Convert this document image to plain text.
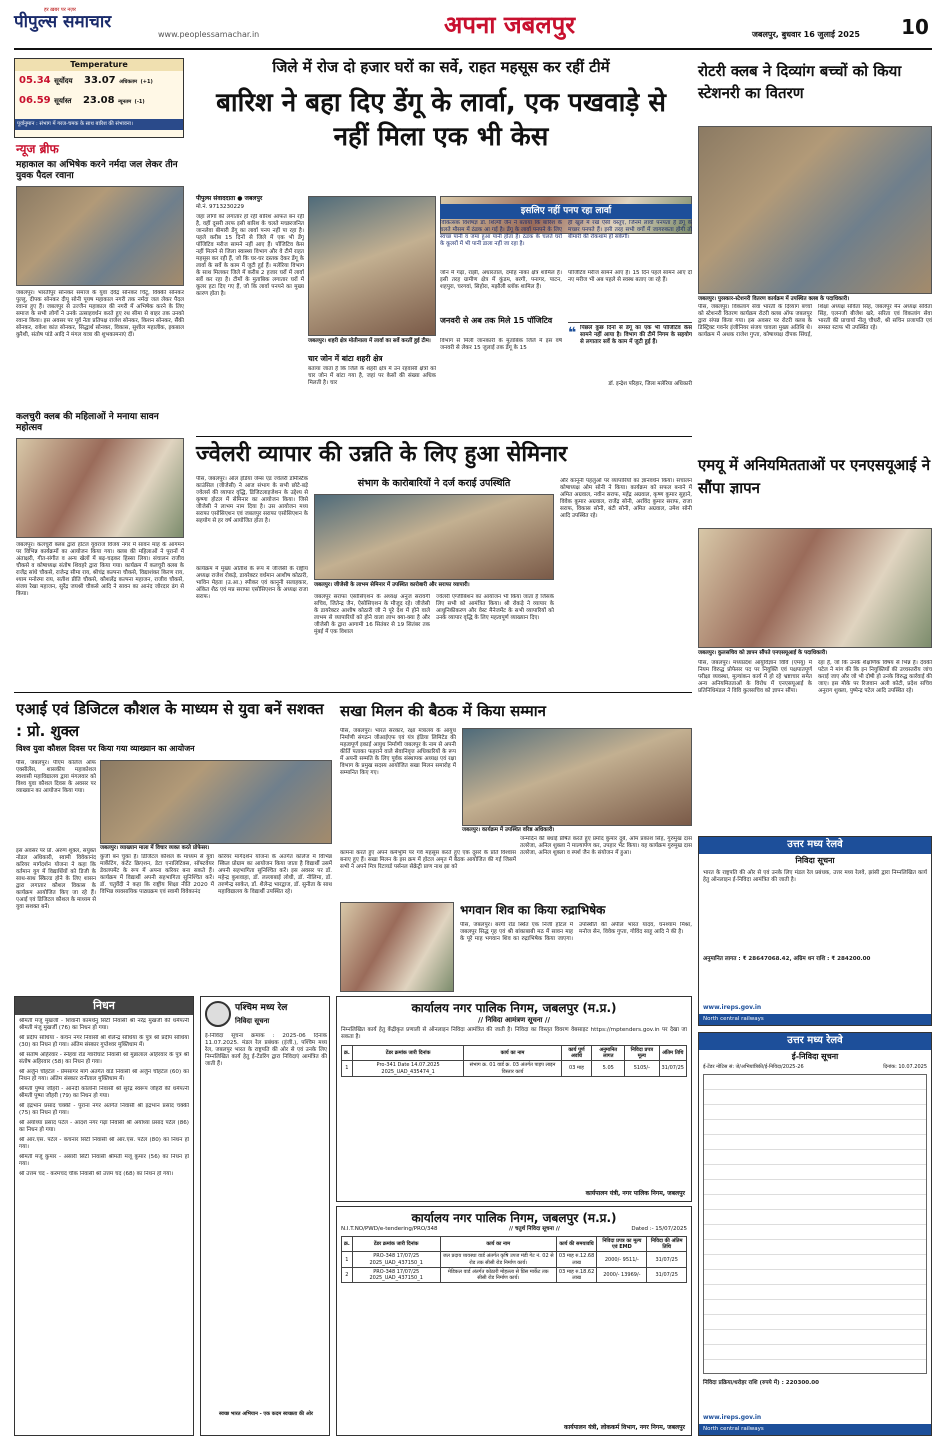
पीपुल्स समाचार
हर ख़बर पर नज़र
www.peoplessamachar.in	अपना जबलपुर	जबलपुर, बुधवार 16 जुलाई 2025 10
Temperature
05.34 सूर्योदय 33.07 अधिकतम (+1)
06.59 सूर्यास्त 23.08 न्यूनतम (-1)
पूर्वानुमान : संभाग में गरज-चमक के साथ बारिश की संभावना।
न्यूज ब्रीफ
महाकाल का अभिषेक करने नर्मदा जल लेकर तीन युवक पैदल रवाना
जबलपुर। भारतीपुर सोनकर समाज के युवा देवेंद्र सोनकर चिंटू, विक्की सोनकर पुल्लू, दीपक सोनकर दीपू सोनी पूयष महाकाल नगरी तक नर्मदा जल लेकर पैदल रवाना हुए हैं। जबलपुर से उज्जैन महाकाल की नगरी में अभिषेक करने के लिए समाज के सभी लोगों ने उनके उत्साहवर्धन करते हुए रथ सीमा से बाहर तक उनको रवाना किया। इस अवसर पर पूर्व नेता प्रतिपक्ष राजेश सोनकर, किशन सोनकर, सैंकी सोनकर, राकेश कांत सोनकर, सिद्धार्थ सोनकर, विकास, सुशील महालीक, इकबाल कुरैशी, संतोष पांडे आदि ने मंगल यात्रा की शुभकामनाएं दीं।
कलचुरी क्लब की महिलाओं ने मनाया सावन महोत्सव
जबलपुर। कलचुरी क्लब द्वारा होटल यूवराज विजय नगर में सावन माह के आगमन पर विभिन्न कार्यक्रमों का आयोजन किया गया। क्लब की महिलाओं ने पूरानों में अंताक्षरी, गीत-संगीत व अन्य खेलों में बढ़-चढ़कर हिस्सा लिया। संचालन राजीव चौकसे व कोषाध्यक्ष संतोष शिवहरे द्वारा किया गया। कार्यक्रम में कलचुरी क्लब के राजेंद्र सांधे चौकसे, राजेन्द्र सीमा राय, श्रीचंद्र कल्पना चौकसे, विद्याशंकर किरण राय, श्याम मनोरमा राय, सतीश प्रीति चौकसे, कौशलेंद्र कल्पना महाजन, राजीव चौकसे, संजय रेखा महाजन, सुरेंद्र जयश्री चौकसे आदि ने सावन का आनंद जोरदार ढंग से किया।
जिले में रोज दो हजार घरों का सर्वे, राहत महसूस कर रहीं टीमें
बारिश ने बहा दिए डेंगू के लार्वा, एक पखवाड़े से नहीं मिला एक भी केस
पीपुल्स संवाददाता ● जबलपुर
मो.नं. 9713230229
जहां लोगों को लगातार हो रही बारिश आफत बन रही है, वहीं दूसरी तरफ इसी बारिश के चलते मच्छरजनित जानलेवा बीमारी डेंगू का लार्वा पनप नहीं पा रहा है। पहले करीब 15 दिनों से जिले में एक भी डेंगू पॉजिटिव मरीज सामने नहीं आए हैं। पॉजिटिव केस नहीं मिलने से जिला स्वास्थ्य विभाग और वे टीमें राहत महसूस कर रही हैं, जो कि घर-घर दस्तक देकर डेंगू के लार्वा के सर्वे के काम में जुटी हुई हैं। मलेरिया विभाग के साथ मिलकर जिले में करीब 2 हजार घरों में लार्वा सर्वे कर रहा है। टीमों के मुताबिक लगातार घरों में कूलर हटा दिए गए हैं, जो कि लार्वा पनपने का मुख्य कारण होता है।
जबलपुर। शहरी क्षेत्र मोतीनाला में लार्वा का सर्वे करतीं हुई टीम।
चार जोन में बांटा शहरी क्षेत्र
बताया जाता है कि जिले के शहरी क्षेत्र में उन रहवासी क्षेत्रों को चार जोन में बांटा गया है, जहां पर केसों की संख्या अधिक मिलती है। चार
इसलिए नहीं पनप रहा लार्वा
विकित्सक विशेषज्ञ डॉ. शिल्पी जैन ने बताया कि बारिश के चलते मौसम में ठंडक आ गई है। डेंगू के लार्वा पनपने के लिए स्वच्छ पानी व जमा हुआ पानी होता है। ठंडक के चलते घरों के कूलरों में भी पानी डाला नहीं जा रहा है।
ही खुले में रखे ऐसी वस्तुएं, जिनमें लार्वा पनपता है डेंगू के मच्छर पनपते हैं। इसी तरह सभी वर्गों में जागरुकता होगी तो बीमारी की रोकथाम हो सकेगी।
जोन में गढ़ा, रांझी, अधारताल, दमोह नाका क्षेत्र शामिल है। इसी तरह ग्रामीण क्षेत्र में कुंडम, बरगी, पनागर, पाटन, शहपुरा, चरगवां, सिहोरा, मझौली ब्लॉक शामिल हैं।
जनवरी से अब तक मिले 15 पॉजिटिव
विभाग से मिली जानकारी के मुताबिक जिले में इस वर्ष जनवरी से लेकर 15 जुलाई तक डेंगू के 15
पॉजिटिव मरीज सामने आए हैं। 15 दिन पहले सामने आए दो नए मरीज भी अब पहले से स्वस्थ बताए जा रहे हैं।
❝ पिछले कुछ दिनों से डेंगू का एक भी पॉजिटिव केस सामने नहीं आया है। विभाग की टीमें निगम के सहयोग से लगातार सर्वे के काम में जुटी हुई हैं।
डॉ. इन्द्रेश परिहार, जिला मलेरिया अधिकारी
रोटरी क्लब ने दिव्यांग बच्चों को किया स्टेशनरी का वितरण
जबलपुर। पुरस्कार-स्टेशनरी वितरण कार्यक्रम में उपस्थित क्लब के पदाधिकारी।
पीसं, जबलपुर। विकलांग सेवा भारती के दिव्यांग बच्चों को स्टेशनरी वितरण कार्यक्रम रोटरी क्लब ऑफ जबलपुर द्वारा संपन्न किया गया। इस अवसर पर रोटरी क्लब के डिस्ट्रिक्ट गवर्नर इंजीनियर संजय चावला मुख्य अतिथि थे। कार्यक्रम में अथक राजेश गुप्ता, कोषाध्यक्ष दीपक सिंघई, शिक्षा अध्यक्ष सविता सिंह, जबलपुर मेन अध्यक्ष सविता सिंह, एलनजी बीजेश खरे, सरिता एवं विकलांग सेवा भारती की प्राचार्या नीलू चौधरी, श्री सचिन प्रजापति एवं समस्त स्टाफ भी उपस्थित रहे।
ज्वेलरी व्यापार की उन्नति के लिए हुआ सेमिनार
पीसं, जबलपुर। ऑल इंडिया जेम्स एंड ज्वेलरी डोमेस्टिक काउंसिल (जीजेसी) ने आज संभाग के सभी छोटे-बड़े ज्वेलर्स की व्यापार वृद्धि, डिजिटलाइजेशन के उद्देश्य से कृष्णा होटल में सेमिनार का आयोजन किया। जिसे जीजेसी ने लाभम नाम दिया है। उस आयोजन मध्य सराफा एसोसिएशन एवं जबलपुर सराफा एसोसिएशन के सहयोग से हर वर्ष आयोजित होता है।
कार्यक्रम में मुख्य अतिथि के रूप में जीजेसी के राष्ट्रीय अध्यक्ष राजेश रोकड़े, डायरेक्टर वर्धमान आशीष कोठारी, भाविन मेहता (उ.आ.) स्पीकर एवं कानूनी सलाहकार, अंकित शैठ एवं मप्र सराफा एसोसिएशन के अध्यक्ष राजा सराफ।
संभाग के कारोबारियों ने दर्ज कराई उपस्थिति
जबलपुर। जीजेसी के लाभम सेमिनार में उपस्थित कारोबारी और सराफा व्यापारी।
जबलपुर सराफा एसोसिएशन के अध्यक्ष अनुज सरावगी सचिव, जितेन्द्र जैन, ऐसोसिएशन के मौजूद रहे। जीजेसी के डायरेक्टर आशीष कोठारी जी ने पूरे देश में होने वाले लाभम से व्यापारियों को होने वाला लाभ क्या-क्या है और जीजेसी के द्वारा आगामी 16 सितंबर से 19 सितंबर तक मुंबई में एक विशाल
ज्वेलरी एग्जीबिशन का आयोजन भी किया जाता है जिसके लिए सभी को आमंत्रित किया। श्री रोकड़े ने व्यापार के आधुनिकीकरण और वेस्ट मैनेजमेंट के सभी व्यापारियों को उनके व्यापार वृद्धि के लिए महत्वपूर्ण व्याख्यान दिए।
और कानूनी पहलुओं पर व्यापारियों का ज्ञानवर्धन किया। संचालन कोषाध्यक्ष ओम सोनी ने किया। कार्यक्रम को सफल बनाने में अमित अग्रवाल, नवीन सराफ, महेंद्र अग्रवाल, कृष्ण कुमार सुहाने, विवेक कुमार अग्रवाल, राजेंद्र सोनी, अरविंद कुमार सराफ, राजा सराफ, विकास सोनी, बंटी सोनी, अमित अग्रवाल, उमेश सोनी आदि उपस्थित रहे।
एमयू में अनियमितताओं पर एनएसयूआई ने सौंपा ज्ञापन
जबलपुर। कुलसचिव को ज्ञापन सौंपते एनएसयूआई के पदाधिकारी।
पीसं, जबलपुर। मध्यप्रदेश आयुर्विज्ञान विवि (एमयू) में नियम विरुद्ध प्रोफेसर पद पर नियुक्ति एवं पक्षपातपूर्ण परीक्षा व्यवस्था, मूल्यांकन कार्य में हो रहे भ्रष्टाचार समेत अन्य अनियमितताओं के विरोध में एनएसयूआई के प्रतिनिधिमंडल ने विवि कुलसचिव को ज्ञापन सौंपा।
रहा है, जो कि उनके शैक्षणिक विषय से भिन्न है। देवकी पटेल ने मांग की कि इन नियुक्तियों की उच्चस्तरीय जांच कराई जाए और जो भी दोषी हो उनके विरुद्ध कार्रवाई की जाए। इस मौके पर रिजवान अली कोटी, प्रदेश सचिव अनुराग शुक्ला, पुष्पेन्द्र पटेल आदि उपस्थित रहे।
एआई एवं डिजिटल कौशल के माध्यम से युवा बनें सशक्त : प्रो. शुक्ल
विश्व युवा कौशल दिवस पर किया गया व्याख्यान का आयोजन
पीसं, जबलपुर। पीएम कॉलेज ऑफ एक्सीलेंस, शासकीय महाकोशल स्वशासी महाविद्यालय द्वारा मंगलवार को विश्व युवा कौशल दिवस के अवसर पर व्याख्यान का आयोजन किया गया।
जबलपुर। व्याख्यान माला में विचार व्यक्त करते प्रोफेसर।
इस अवसर पर प्रो. अरुण शुक्ल, संयुक्त नोडल अधिकारी, स्वामी विवेकानंद करियर मार्गदर्शन योजना ने कहा कि वर्तमान युग में विद्यार्थियों को डिजी के साथ-साथ स्किल्ड होने के लिए शासन द्वारा लगातार कौशल विकास के कार्यक्रम आयोजित किए जा रहे हैं। एआई एवं डिजिटल कौशल के माध्यम से युवा सशक्त बनें।
कुंजी बन चुका है। डिजिटल कौशल के माध्यम से युवा मार्केटिंग, कंटेंट क्रिएशन, डेटा एनालिटिक्स, सॉफ्टवेयर डेवलपमेंट के रूप में अपना करियर बना सकते हैं। कार्यक्रम में विद्यार्थी अपनी सहभागिता सुनिश्चित करें। डॉ. चतुर्वेदी ने कहा कि राष्ट्रीय शिक्षा नीति 2020 में विभिन्न व्यवसायिक पाठ्यक्रम एवं स्वामी विवेकानंद
करियर मार्गदर्शन योजना के अंतर्गत कॉलेज में विभिन्न स्किल प्रोग्राम का आयोजन किया जाता है विद्यार्थी उसमें अपनी सहभागिता सुनिश्चित करें। इस अवसर पर डॉ. महेन्द्र कुशवाहा, डॉ. लल्लाबाई लोधी, डॉ. नीलिमा, डॉ. तरुणेन्द्र साकेत, डॉ. शैलेन्द्र भारद्वाज, डॉ. सुनीता के साथ महाविद्यालय के विद्यार्थी उपस्थित रहे।
सखा मिलन की बैठक में किया सम्मान
पीसं, जबलपुर। भारत सरकार, रक्षा मंत्रालय के आयुध निर्माणी संगठन जीआईएफ एवं यंत्र इंडिया लिमिटेड की महत्वपूर्ण इकाई आयुध निर्माणी जबलपुर के नाम से अपनी कीर्ति पताका फहराने वाले सेवानिवृत्त अधिकारियों के रूप में अपनी सम्मति के लिए पूर्वक संस्थापक अध्यक्ष एवं रक्षा विभाग के प्रमुख सदस्य आयोजित सखा मिलन समारोह में सम्मानित किए गए।
जबलपुर। कार्यक्रम में उपस्थित वरिष्ठ अधिकारी।
कामना करते हुए अपने कर्मभूमि पर गर्व महसूस करते हुए एक दूसरे के प्रति विश्वास बनाए हुए हैं। सखा मिलन के इस क्रम में होटल अमृत में बैठक आयोजित की गई जिसमें सभी ने अपने मित्र रिटायर्ड पर्सनल सेक्रेट्री प्राण नाथ झा को
जन्मदिन की बधाई प्रेषित करते हुए प्रमोद कुमार दुबे, ओम प्रकाश सिंह, गुरुमुख दास तलरेजा, अनिल शुक्ला ने माल्यार्पण कर, उपहार भेंट किया। यह कार्यक्रम गुरुमुख दास तलरेजा, अनिल शुक्ला व स्पर्श जैन के संयोजन में हुआ।
भगवान शिव का किया रुद्राभिषेक
पीसं, जबलपुर। बरगी रोड स्थित एक निजी होटल में जबलपुर सिद्ध गृह एवं श्री बांकाबाबी मठ में सावन माह के पूरे माह भगवान शिव का रुद्राभिषेक किया जाएगा। उपस्थिति की अपील भारत यादव, घनश्याम मिश्रा, मनोज सेन, विवेक गुप्ता, गोविंद साहू आदि ने की है।
निधन
श्रीमती मंजू मुखर्जी - शिवानी कामधेनु सिटी निवासी श्री नरेंद्र मुखर्जी की धर्मपत्नी श्रीमती मंजू मुखर्जी (76) का निधन हो गया।
श्री प्रदीप सोंधिया - कंचन नगर निवासी श्री शैलेन्द्र सोंधिया के पुत्र श्री प्रदीप सोंधिया (30) का निधन हो गया। अंतिम संस्कार गुप्तेश्वर मुक्तिधाम में।
श्री संतोष अहिरवार - स्नेहवा रोड ग्वारीघाट निवासी श्री मुन्नालाल अहिरवार के पुत्र श्री संतोष अहिरवार (58) का निधन हो गया।
श्री अर्जुन चौहटेल - प्रेमसागर मार्ग अंतर्गत वार्ड निवासी श्री अर्जुन चौहटेल (60) का निधन हो गया। अंतिम संस्कार रानीताल मुक्तिधाम में।
श्रीमती पुष्पा जौहरी - आनंदी कॉलोनी निवासी श्री सुरेंद्र स्वरूप जौहरी की धर्मपत्नी श्रीमती पुष्पा जौहरी (79) का निधन हो गया।
श्री इंद्रभान प्रसाद चक्की - पुराना नगर अंतर्गत निवासी श्री इंद्रभान प्रसाद चक्की (75) का निधन हो गया।
श्री अयोध्या प्रसाद पटेल - आदर्श नगर गढ़ा निवासी श्री अयोध्या प्रसाद पटेल (86) का निधन हो गया।
श्री आर.एस. पटेल - कचनार सिटी निवासी श्री आर.एस. पटेल (80) का निधन हो गया।
श्रीमती मंजू कुमार - अंसारी सिटी निवासी श्रीमती मंजू कुमार (56) का निधन हो गया।
श्री उत्तम चंद - करमचंद चौक निवासी श्री उत्तम चंद (68) का निधन हो गया।
पश्चिम मध्य रेल
निविदा सूचना
ई-निविदा सूचना क्रमांक : 2025-06 दिनांक 11.07.2025. मंडल रेल प्रबंधक (इंजी.), पश्चिम मध्य रेल, जबलपुर भारत के राष्ट्रपति की ओर से एवं उनके लिए निम्नलिखित कार्य हेतु ई-टेंडरिंग द्वारा निविदाएं आमंत्रित की जाती हैं।
स्वच्छ भारत अभियान - एक कदम स्वच्छता की ओर
कार्यालय नगर पालिक निगम, जबलपुर (म.प्र.)
// निविदा आमंत्रण सूचना //
निम्नलिखित कार्य हेतु केंद्रीकृत प्रणाली से ऑनलाइन निविदा आमंत्रित की जाती है। निविदा का विस्तृत विवरण वेबसाइट https://mptenders.gov.in पर देखा जा सकता है।
क्र.	टेंडर क्रमांक जारी दिनांक	कार्य का नाम	कार्य पूर्ण अवधि	अनुमानित लागत	निविदा प्रपत्र मूल्य	अंतिम तिथि
1	Pro-341 Date 14.07.2025 2025_UAD_435474_1	संभाग क्र. 01 वार्ड क्र. 03 अंतर्गत पाइप लाइन विस्तार कार्य	03 माह	5.05	5105/-	31/07/25
कार्यपालन यंत्री, नगर पालिक निगम, जबलपुर
कार्यालय नगर पालिक निगम, जबलपुर (म.प्र.)
N.I.T.NO/PWD/e-tendering/PRO/348	// चतुर्थ निविदा सूचना //	Dated :- 15/07/2025
क्र.	टेंडर क्रमांक जारी दिनांक	कार्य का नाम	कार्य की समयावधि	निविदा प्रपत्र का मूल्य एवं EMD	निविदा की अंतिम तिथि
1	PRO-348 17/07/25 2025_UAD_437150_1	जल प्रदाय व्यवस्था वार्ड अंतर्गत कृषि उपज मंडी गेट नं. 02 से रोड तक सीसी रोड निर्माण कार्य।	03 माह रु.12.68 लाख	2000/- 9511/-	31/07/25
2	PRO-348 17/07/25 2025_UAD_437150_1	मेडिकल वार्ड अंतर्गत कोठारी मोहल्ला से प्रिंस मार्केट तक सीसी रोड निर्माण कार्य।	03 माह रु.18.62 लाख	2000/- 13969/-	31/07/25
कार्यपालन यंत्री, लोककर्म विभाग, नगर निगम, जबलपुर
उत्तर मध्य रेलवे
निविदा सूचना
भारत के राष्ट्रपति की ओर से एवं उनके लिए मंडल रेल प्रबंधक, उत्तर मध्य रेलवे, झांसी द्वारा निम्नलिखित कार्य हेतु ऑनलाइन ई-निविदा आमंत्रित की जाती है।
अनुमानित लागत : ₹ 28647068.42, अग्रिम धन राशि : ₹ 284200.00
www.ireps.gov.in
North central railways
उत्तर मध्य रेलवे
ई-निविदा सूचना
ई-टेंडर नोटिस सं: जे/अभियांत्रिकी/ई-निविदा/2025-26	दिनांक: 10.07.2025
निविदा प्रक्रिया/धरोहर राशि (रुपये में) : 220300.00
www.ireps.gov.in
North central railways
